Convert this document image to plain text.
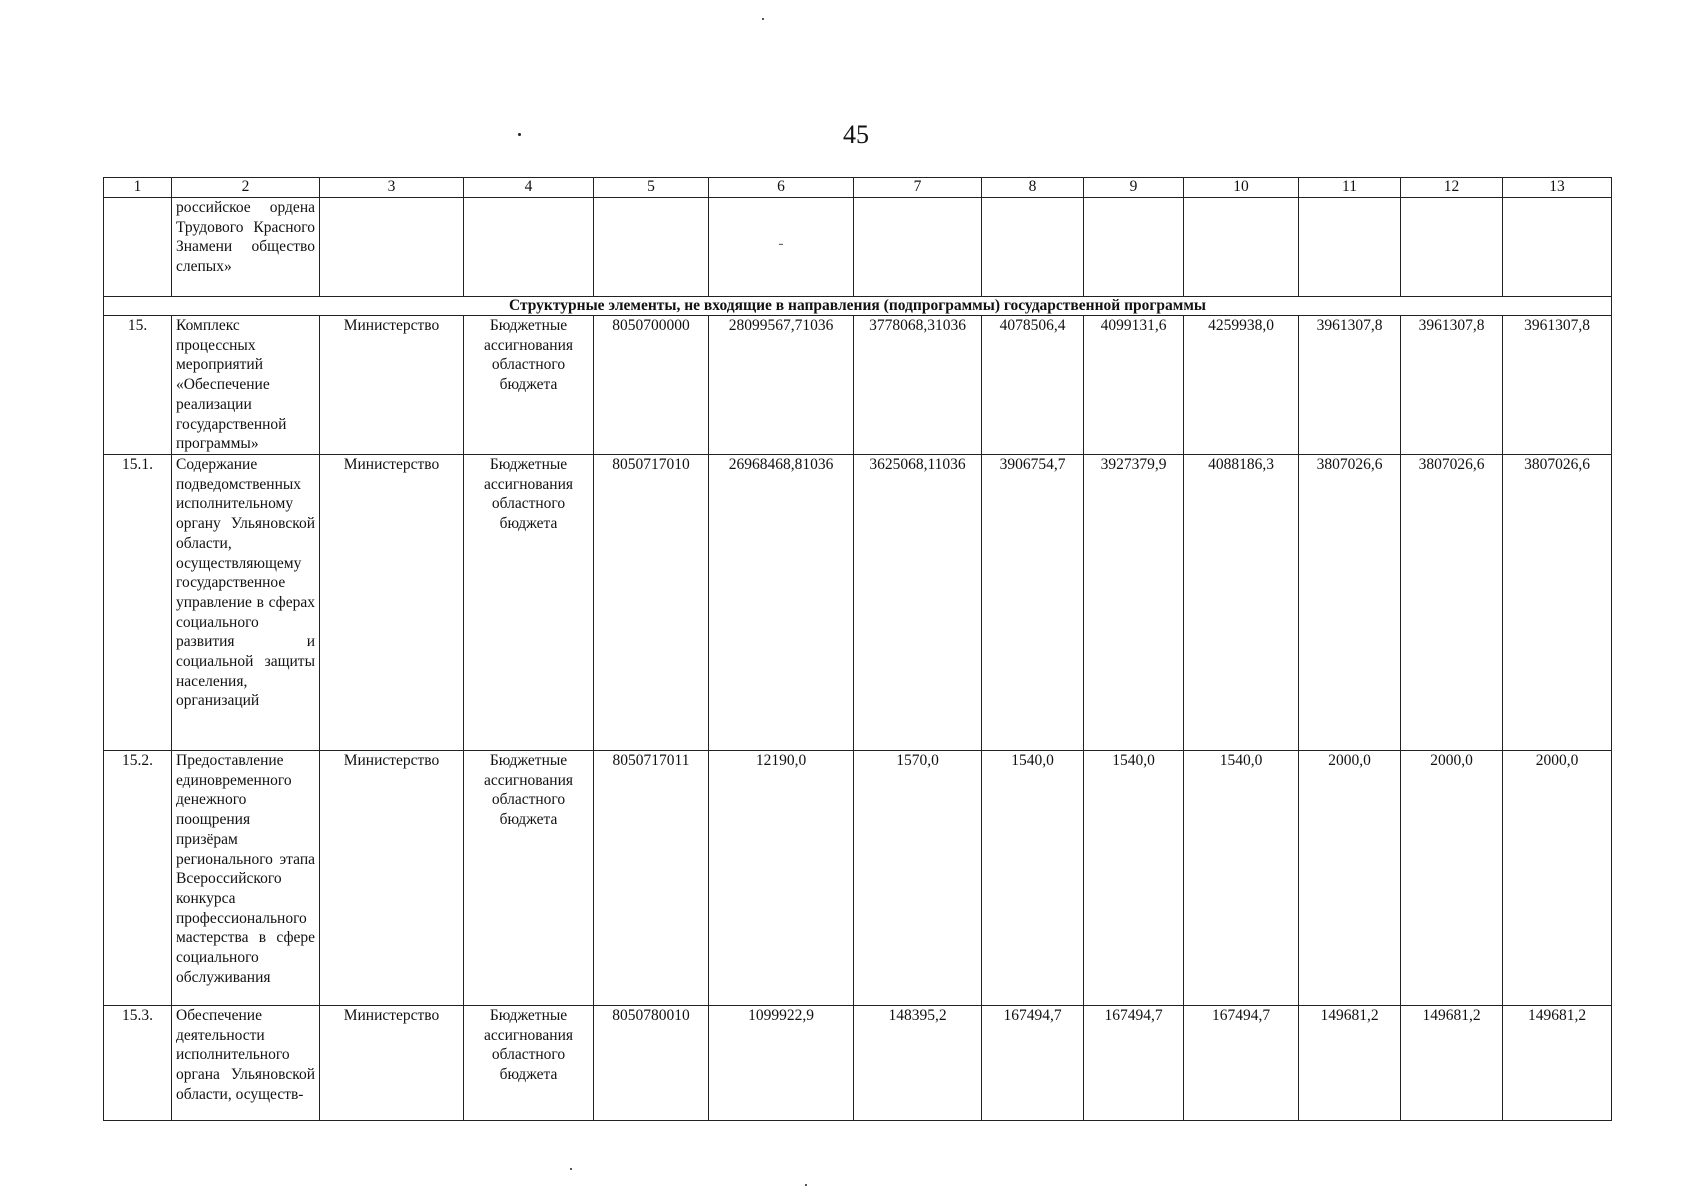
45
1	2	3	4	5	6	7	8	9	10	11	12	13
	российское ордена Трудового Красного Знамени общество слепых»				-							
Структурные элементы, не входящие в направления (подпрограммы) государственной программы												
15.	Комплекс процессных мероприятий «Обеспечение реализации государственной программы»	Министерство	Бюджетные ассигнования областного бюджета	8050700000	28099567,71036	3778068,31036	4078506,4	4099131,6	4259938,0	3961307,8	3961307,8	3961307,8
15.1.	Содержание подведомственных исполнительному органу Ульяновской области, осуществляющему государственное управление в сферах социального развития и социальной защиты населения, организаций	Министерство	Бюджетные ассигнования областного бюджета	8050717010	26968468,81036	3625068,11036	3906754,7	3927379,9	4088186,3	3807026,6	3807026,6	3807026,6
15.2.	Предоставление единовременного денежного поощрения призёрам регионального этапа Всероссийского конкурса профессионального мастерства в сфере социального обслуживания	Министерство	Бюджетные ассигнования областного бюджета	8050717011	12190,0	1570,0	1540,0	1540,0	1540,0	2000,0	2000,0	2000,0
15.3.	Обеспечение деятельности исполнительного органа Ульяновской области, осуществ-	Министерство	Бюджетные ассигнования областного бюджета	8050780010	1099922,9	148395,2	167494,7	167494,7	167494,7	149681,2	149681,2	149681,2
